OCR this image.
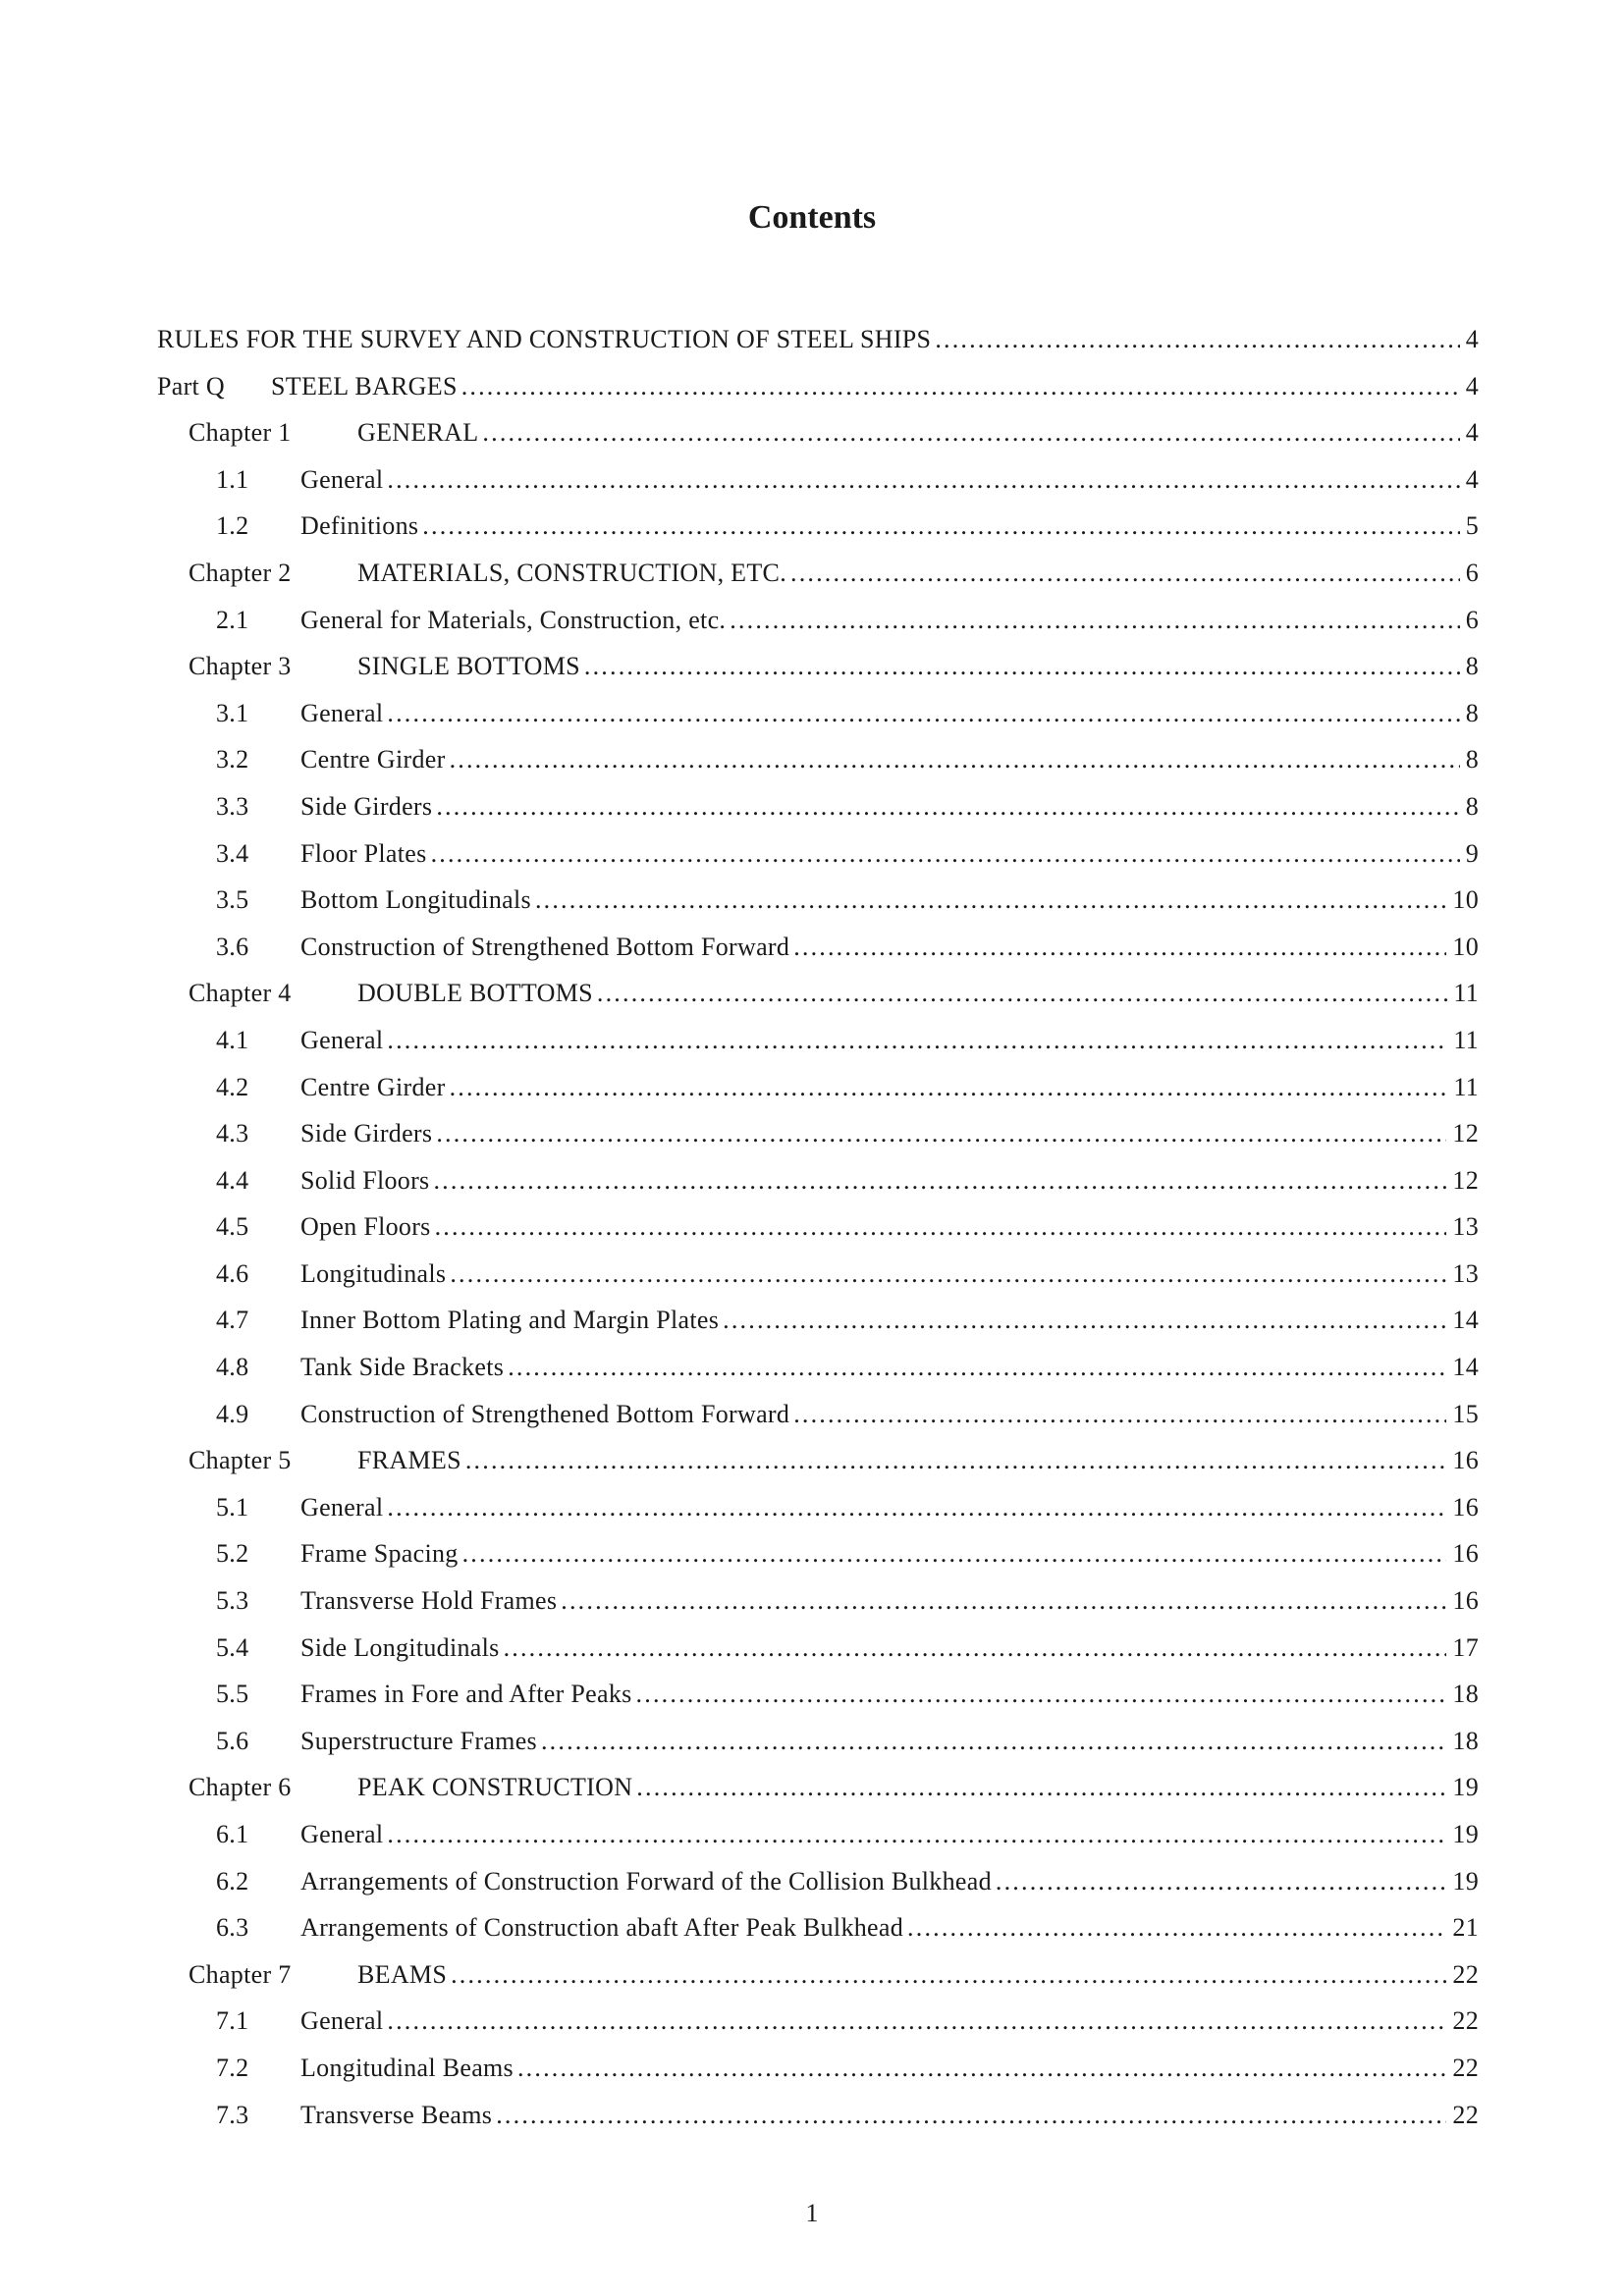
Contents
RULES FOR THE SURVEY AND CONSTRUCTION OF STEEL SHIPS .....	4
Part Q	STEEL BARGES .....	4
Chapter 1	GENERAL .....	4
1.1	General .....	4
1.2	Definitions .....	5
Chapter 2	MATERIALS, CONSTRUCTION, ETC. .....	6
2.1	General for Materials, Construction, etc. .....	6
Chapter 3	SINGLE BOTTOMS .....	8
3.1	General .....	8
3.2	Centre Girder .....	8
3.3	Side Girders .....	8
3.4	Floor Plates .....	9
3.5	Bottom Longitudinals .....	10
3.6	Construction of Strengthened Bottom Forward .....	10
Chapter 4	DOUBLE BOTTOMS .....	11
4.1	General .....	11
4.2	Centre Girder .....	11
4.3	Side Girders .....	12
4.4	Solid Floors .....	12
4.5	Open Floors .....	13
4.6	Longitudinals .....	13
4.7	Inner Bottom Plating and Margin Plates .....	14
4.8	Tank Side Brackets .....	14
4.9	Construction of Strengthened Bottom Forward .....	15
Chapter 5	FRAMES .....	16
5.1	General .....	16
5.2	Frame Spacing .....	16
5.3	Transverse Hold Frames .....	16
5.4	Side Longitudinals .....	17
5.5	Frames in Fore and After Peaks .....	18
5.6	Superstructure Frames .....	18
Chapter 6	PEAK CONSTRUCTION .....	19
6.1	General .....	19
6.2	Arrangements of Construction Forward of the Collision Bulkhead .....	19
6.3	Arrangements of Construction abaft After Peak Bulkhead .....	21
Chapter 7	BEAMS .....	22
7.1	General .....	22
7.2	Longitudinal Beams .....	22
7.3	Transverse Beams .....	22
1
